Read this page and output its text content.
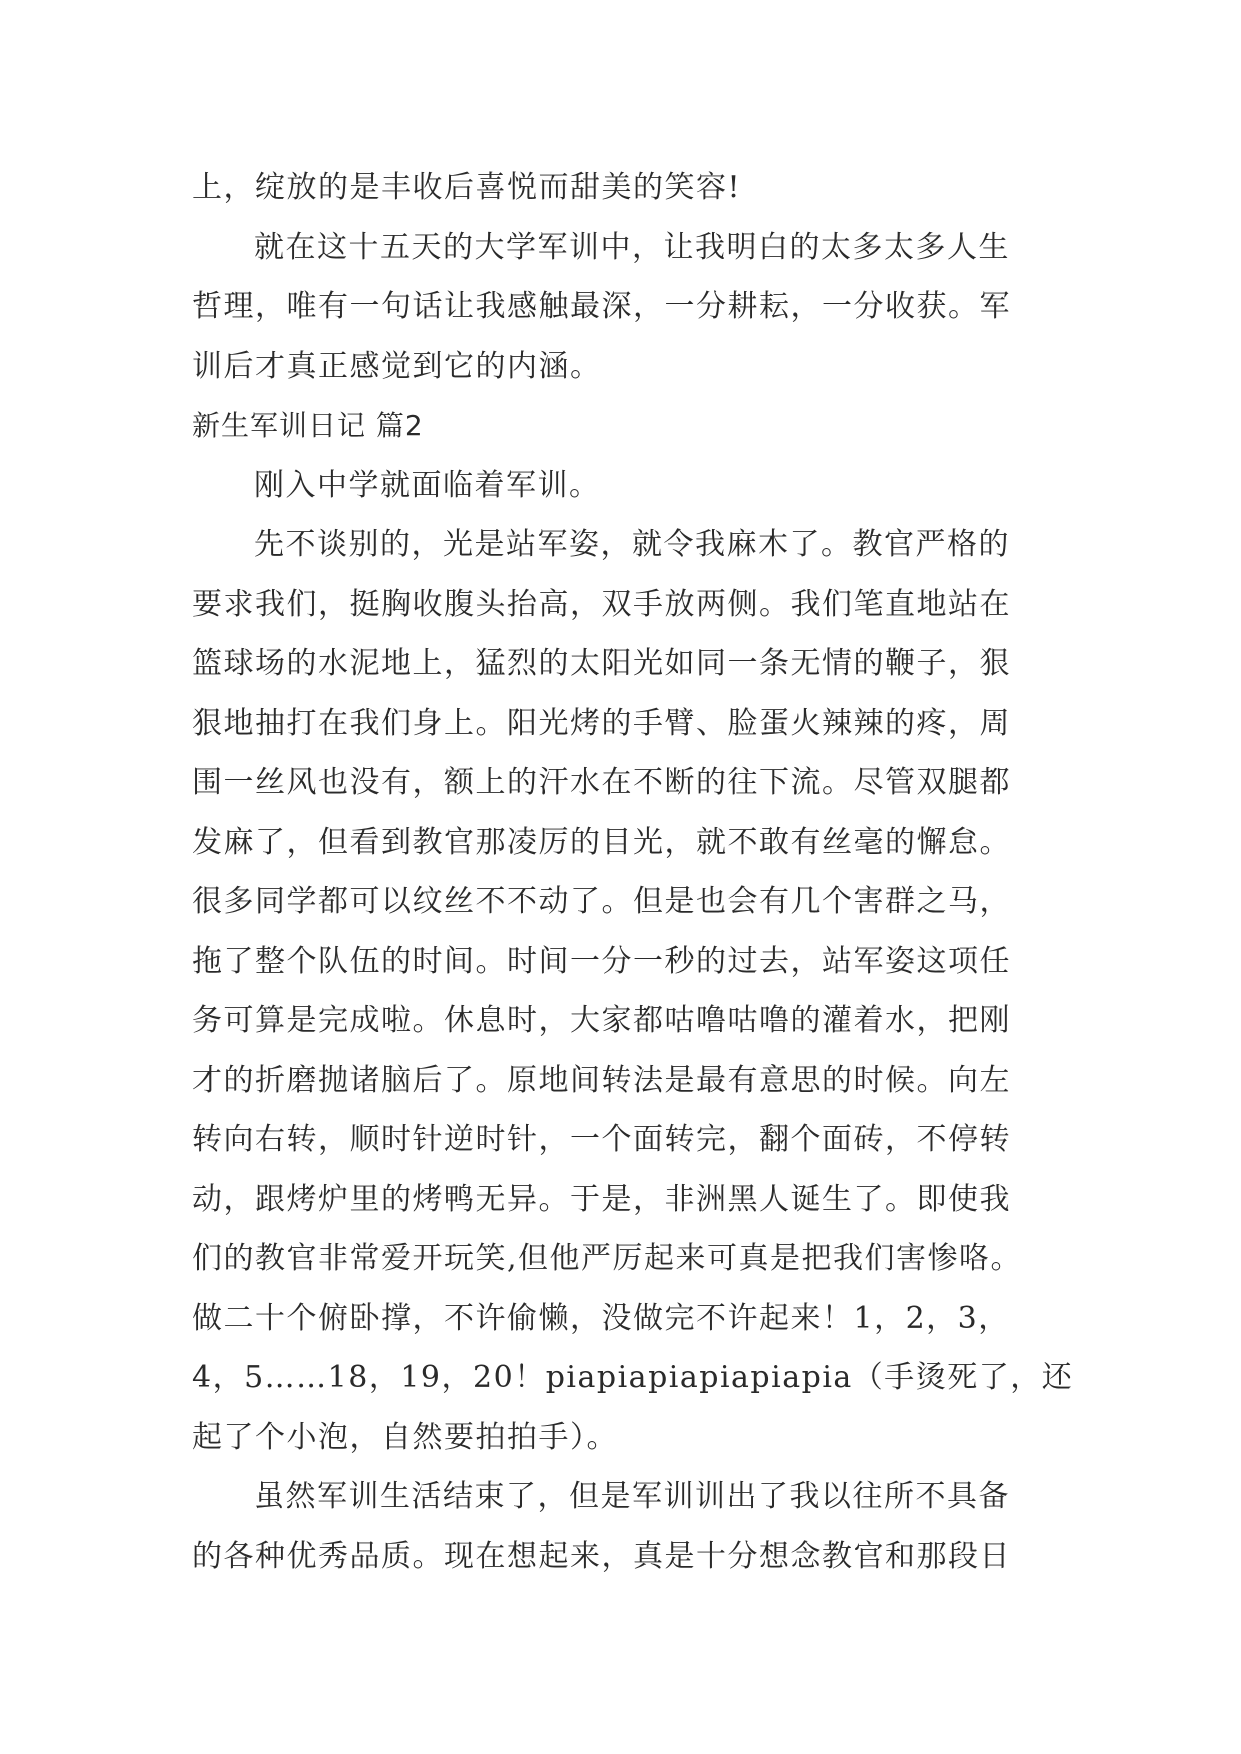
上，绽放的是丰收后喜悦而甜美的笑容!
就在这十五天的大学军训中，让我明白的太多太多人生
哲理，唯有一句话让我感触最深，一分耕耘，一分收获。军
训后才真正感觉到它的内涵。
新生军训日记 篇2
刚入中学就面临着军训。
先不谈别的，光是站军姿，就令我麻木了。教官严格的
要求我们，挺胸收腹头抬高，双手放两侧。我们笔直地站在
篮球场的水泥地上，猛烈的太阳光如同一条无情的鞭子，狠
狠地抽打在我们身上。阳光烤的手臂、脸蛋火辣辣的疼，周
围一丝风也没有，额上的汗水在不断的往下流。尽管双腿都
发麻了，但看到教官那凌厉的目光，就不敢有丝毫的懈怠。
很多同学都可以纹丝不不动了。但是也会有几个害群之马，
拖了整个队伍的时间。时间一分一秒的过去，站军姿这项任
务可算是完成啦。休息时，大家都咕噜咕噜的灌着水，把刚
才的折磨抛诸脑后了。原地间转法是最有意思的时候。向左
转向右转，顺时针逆时针，一个面转完，翻个面砖，不停转
动，跟烤炉里的烤鸭无异。于是，非洲黑人诞生了。即使我
们的教官非常爱开玩笑,但他严厉起来可真是把我们害惨咯。
做二十个俯卧撑，不许偷懒，没做完不许起来！1，2，3，
4，5……18，19，20！piapiapiapiapiapia（手烫死了，还
起了个小泡，自然要拍拍手）。
虽然军训生活结束了，但是军训训出了我以往所不具备
的各种优秀品质。现在想起来，真是十分想念教官和那段日
